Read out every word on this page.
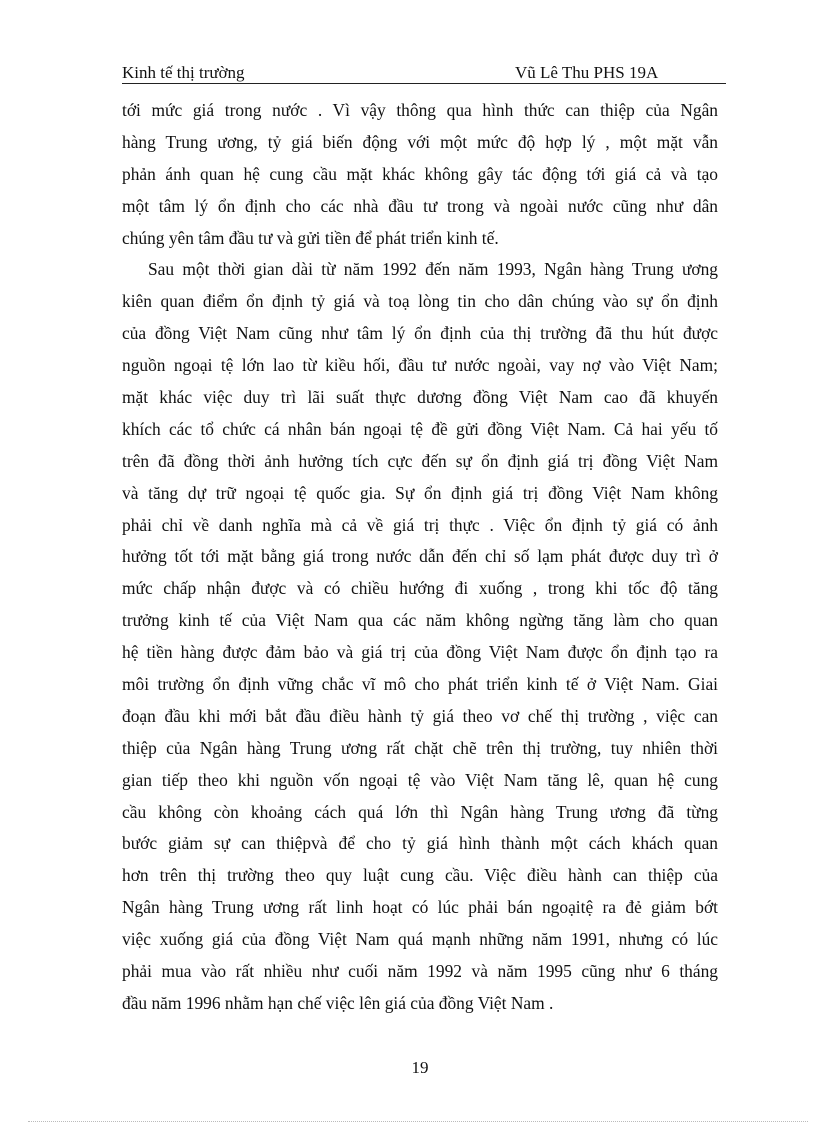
Kinh tế thị trường	Vũ Lê Thu PHS 19A
tới mức giá trong nước . Vì vậy thông qua hình thức can thiệp của Ngân
hàng Trung ương, tỷ giá biến động với một mức độ hợp lý , một mặt vẫn
phản ánh quan hệ cung cầu mặt khác không gây tác động tới giá cả và tạo
một tâm lý ổn định cho các nhà đầu tư trong và ngoài nước cũng như dân
chúng yên tâm đầu tư và gửi tiền để phát triển kinh tế.
Sau một thời gian dài từ năm 1992 đến năm 1993, Ngân hàng Trung ương
kiên quan điểm ổn định tỷ giá và toạ lòng tin cho dân chúng vào sự ổn định
của đồng Việt Nam cũng như tâm lý ổn định của thị trường đã thu hút được
nguồn ngoại tệ lớn lao từ kiều hối, đầu tư nước ngoài, vay nợ vào Việt Nam;
mặt khác việc duy trì lãi suất thực dương đồng Việt Nam cao đã khuyến
khích các tổ chức cá nhân bán ngoại tệ đề gửi đồng Việt Nam. Cả hai yếu tố
trên đã đồng thời ảnh hưởng tích cực đến sự ổn định giá trị đồng Việt Nam
và tăng dự trữ ngoại tệ quốc gia. Sự ổn định giá trị đồng Việt Nam không
phải chỉ về danh nghĩa mà cả về giá trị thực . Việc ổn định tỷ giá có ảnh
hưởng tốt tới mặt bằng giá trong nước dẫn đến chỉ số lạm phát được duy trì ở
mức chấp nhận được và có chiều hướng đi xuống , trong khi tốc độ tăng
trưởng kinh tế của Việt Nam qua các năm không ngừng tăng làm cho quan
hệ tiền hàng được đảm bảo và giá trị của đồng Việt Nam được ổn định tạo ra
môi trường ổn định vững chắc vĩ mô cho phát triển kinh tế ở Việt Nam. Giai
đoạn đầu khi mới bắt đầu điều hành tỷ giá theo vơ chế thị trường , việc can
thiệp của Ngân hàng Trung ương rất chặt chẽ trên thị trường, tuy nhiên thời
gian tiếp theo khi nguồn vốn ngoại tệ vào Việt Nam tăng lê, quan hệ cung
cầu không còn khoảng cách quá lớn thì Ngân hàng Trung ương đã từng
bước giảm sự can thiệpvà để cho tỷ giá hình thành một cách khách quan
hơn trên thị trường theo quy luật cung cầu. Việc điều hành can thiệp của
Ngân hàng Trung ương rất linh hoạt có lúc phải bán ngoạitệ ra đẻ giảm bớt
việc xuống giá của đồng Việt Nam quá mạnh những năm 1991, nhưng có lúc
phải mua vào rất nhiều như cuối năm 1992 và năm 1995 cũng như 6 tháng
đầu năm 1996 nhằm hạn chế việc lên giá của đồng Việt Nam .
19
